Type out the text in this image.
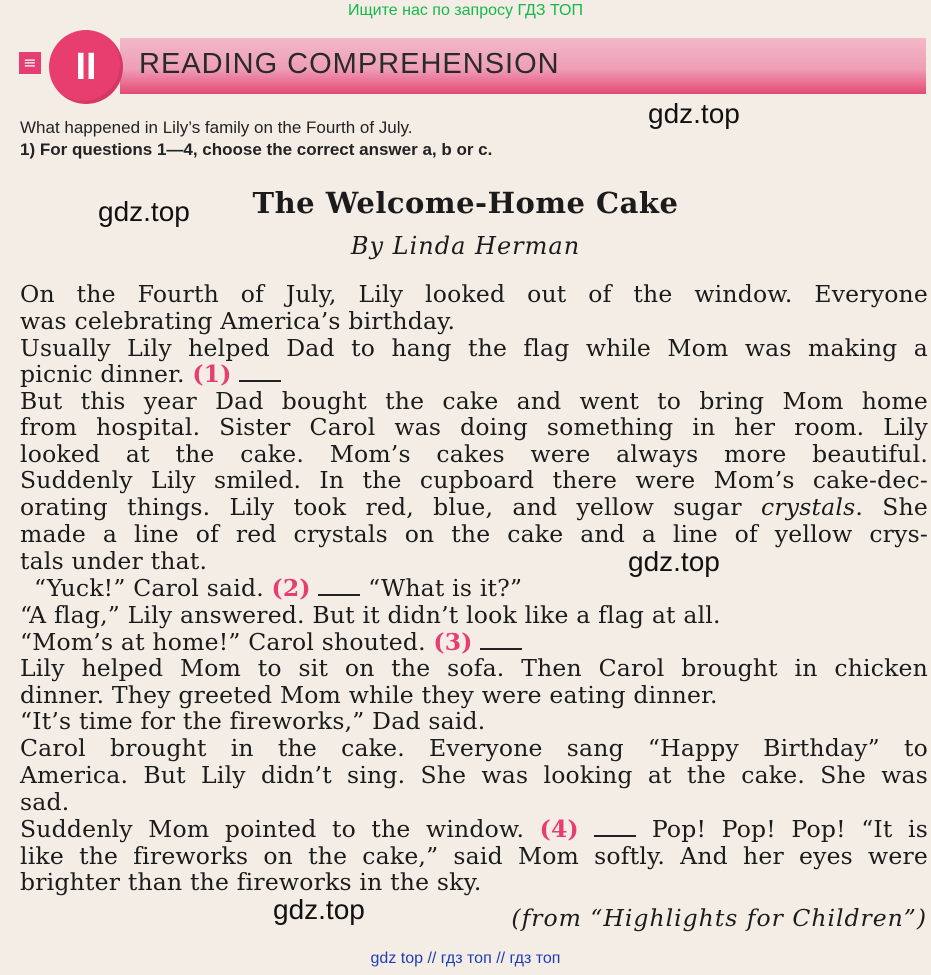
Ищите нас по запросу ГДЗ ТОП
≡	II	READING COMPREHENSION
What happened in Lily’s family on the Fourth of July.
1) For questions 1—4, choose the correct answer a, b or c.
The Welcome-Home Cake
By Linda Herman
On the Fourth of July, Lily looked out of the window. Everyone
was celebrating America’s birthday.
Usually Lily helped Dad to hang the flag while Mom was making a
picnic dinner. (1)
But this year Dad bought the cake and went to bring Mom home
from hospital. Sister Carol was doing something in her room. Lily
looked at the cake. Mom’s cakes were always more beautiful.
Suddenly Lily smiled. In the cupboard there were Mom’s cake-dec-
orating things. Lily took red, blue, and yellow sugar crystals. She
made a line of red crystals on the cake and a line of yellow crys-
tals under that.
“Yuck!” Carol said. (2) “What is it?”
“A flag,” Lily answered. But it didn’t look like a flag at all.
“Mom’s at home!” Carol shouted. (3)
Lily helped Mom to sit on the sofa. Then Carol brought in chicken
dinner. They greeted Mom while they were eating dinner.
“It’s time for the fireworks,” Dad said.
Carol brought in the cake. Everyone sang “Happy Birthday” to
America. But Lily didn’t sing. She was looking at the cake. She was
sad.
Suddenly Mom pointed to the window. (4)	Pop! Pop! Pop! “It is
like the fireworks on the cake,” said Mom softly. And her eyes were
brighter than the fireworks in the sky.
(from “Highlights for Children”)
gdz.top
gdz.top
gdz.top
gdz.top
gdz top // гдз топ // гдз топ
